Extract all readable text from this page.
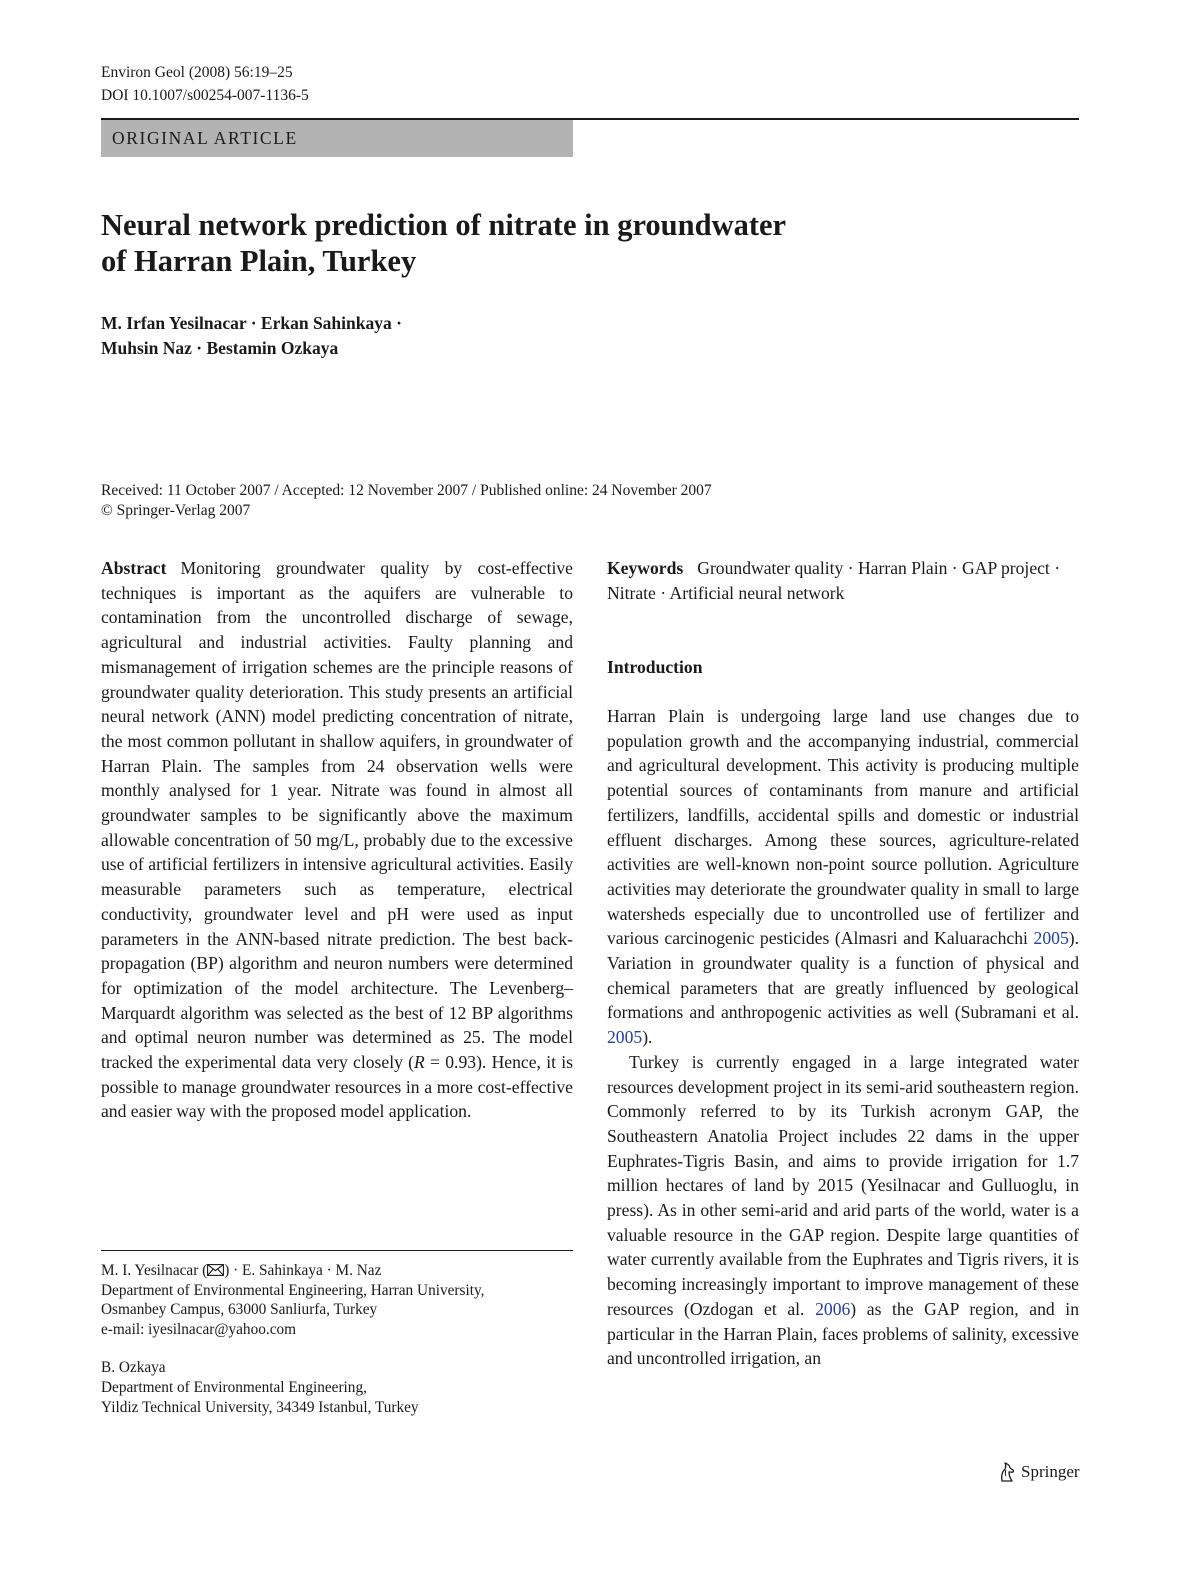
Environ Geol (2008) 56:19–25
DOI 10.1007/s00254-007-1136-5
ORIGINAL ARTICLE
Neural network prediction of nitrate in groundwater
of Harran Plain, Turkey
M. Irfan Yesilnacar · Erkan Sahinkaya ·
Muhsin Naz · Bestamin Ozkaya
Received: 11 October 2007 / Accepted: 12 November 2007 / Published online: 24 November 2007
© Springer-Verlag 2007

Abstract Monitoring groundwater quality by cost-effective techniques is important as the aquifers are vulnerable to contamination from the uncontrolled discharge of sewage, agricultural and industrial activities. Faulty planning and mismanagement of irrigation schemes are the principle reasons of groundwater quality deterioration. This study presents an artificial neural network (ANN) model predicting concentration of nitrate, the most common pollutant in shallow aquifers, in groundwater of Harran Plain. The samples from 24 observation wells were monthly analysed for 1 year. Nitrate was found in almost all groundwater samples to be significantly above the maximum allowable concentration of 50 mg/L, probably due to the excessive use of artificial fertilizers in intensive agricultural activities. Easily measurable parameters such as temperature, electrical conductivity, groundwater level and pH were used as input parameters in the ANN-based nitrate prediction. The best back-propagation (BP) algorithm and neuron numbers were determined for optimization of the model architecture. The Levenberg–Marquardt algorithm was selected as the best of 12 BP algorithms and optimal neuron number was determined as 25. The model tracked the experimental data very closely (R = 0.93). Hence, it is possible to manage groundwater resources in a more cost-effective and easier way with the proposed model application.

Keywords Groundwater quality · Harran Plain · GAP project · Nitrate · Artificial neural network

Introduction

Harran Plain is undergoing large land use changes due to population growth and the accompanying industrial, commercial and agricultural development. This activity is producing multiple potential sources of contaminants from manure and artificial fertilizers, landfills, accidental spills and domestic or industrial effluent discharges. Among these sources, agriculture-related activities are well-known non-point source pollution. Agriculture activities may deteriorate the groundwater quality in small to large watersheds especially due to uncontrolled use of fertilizer and various carcinogenic pesticides (Almasri and Kaluarachchi 2005). Variation in groundwater quality is a function of physical and chemical parameters that are greatly influenced by geological formations and anthropogenic activities as well (Subramani et al. 2005).

Turkey is currently engaged in a large integrated water resources development project in its semi-arid southeastern region. Commonly referred to by its Turkish acronym GAP, the Southeastern Anatolia Project includes 22 dams in the upper Euphrates-Tigris Basin, and aims to provide irrigation for 1.7 million hectares of land by 2015 (Yesilnacar and Gulluoglu, in press). As in other semi-arid and arid parts of the world, water is a valuable resource in the GAP region. Despite large quantities of water currently available from the Euphrates and Tigris rivers, it is becoming increasingly important to improve management of these resources (Ozdogan et al. 2006) as the GAP region, and in particular in the Harran Plain, faces problems of salinity, excessive and uncontrolled irrigation, an

M. I. Yesilnacar ( ) · E. Sahinkaya · M. Naz
Department of Environmental Engineering, Harran University,
Osmanbey Campus, 63000 Sanliurfa, Turkey
e-mail: iyesilnacar@yahoo.com
B. Ozkaya
Department of Environmental Engineering,
Yildiz Technical University, 34349 Istanbul, Turkey
Springer
